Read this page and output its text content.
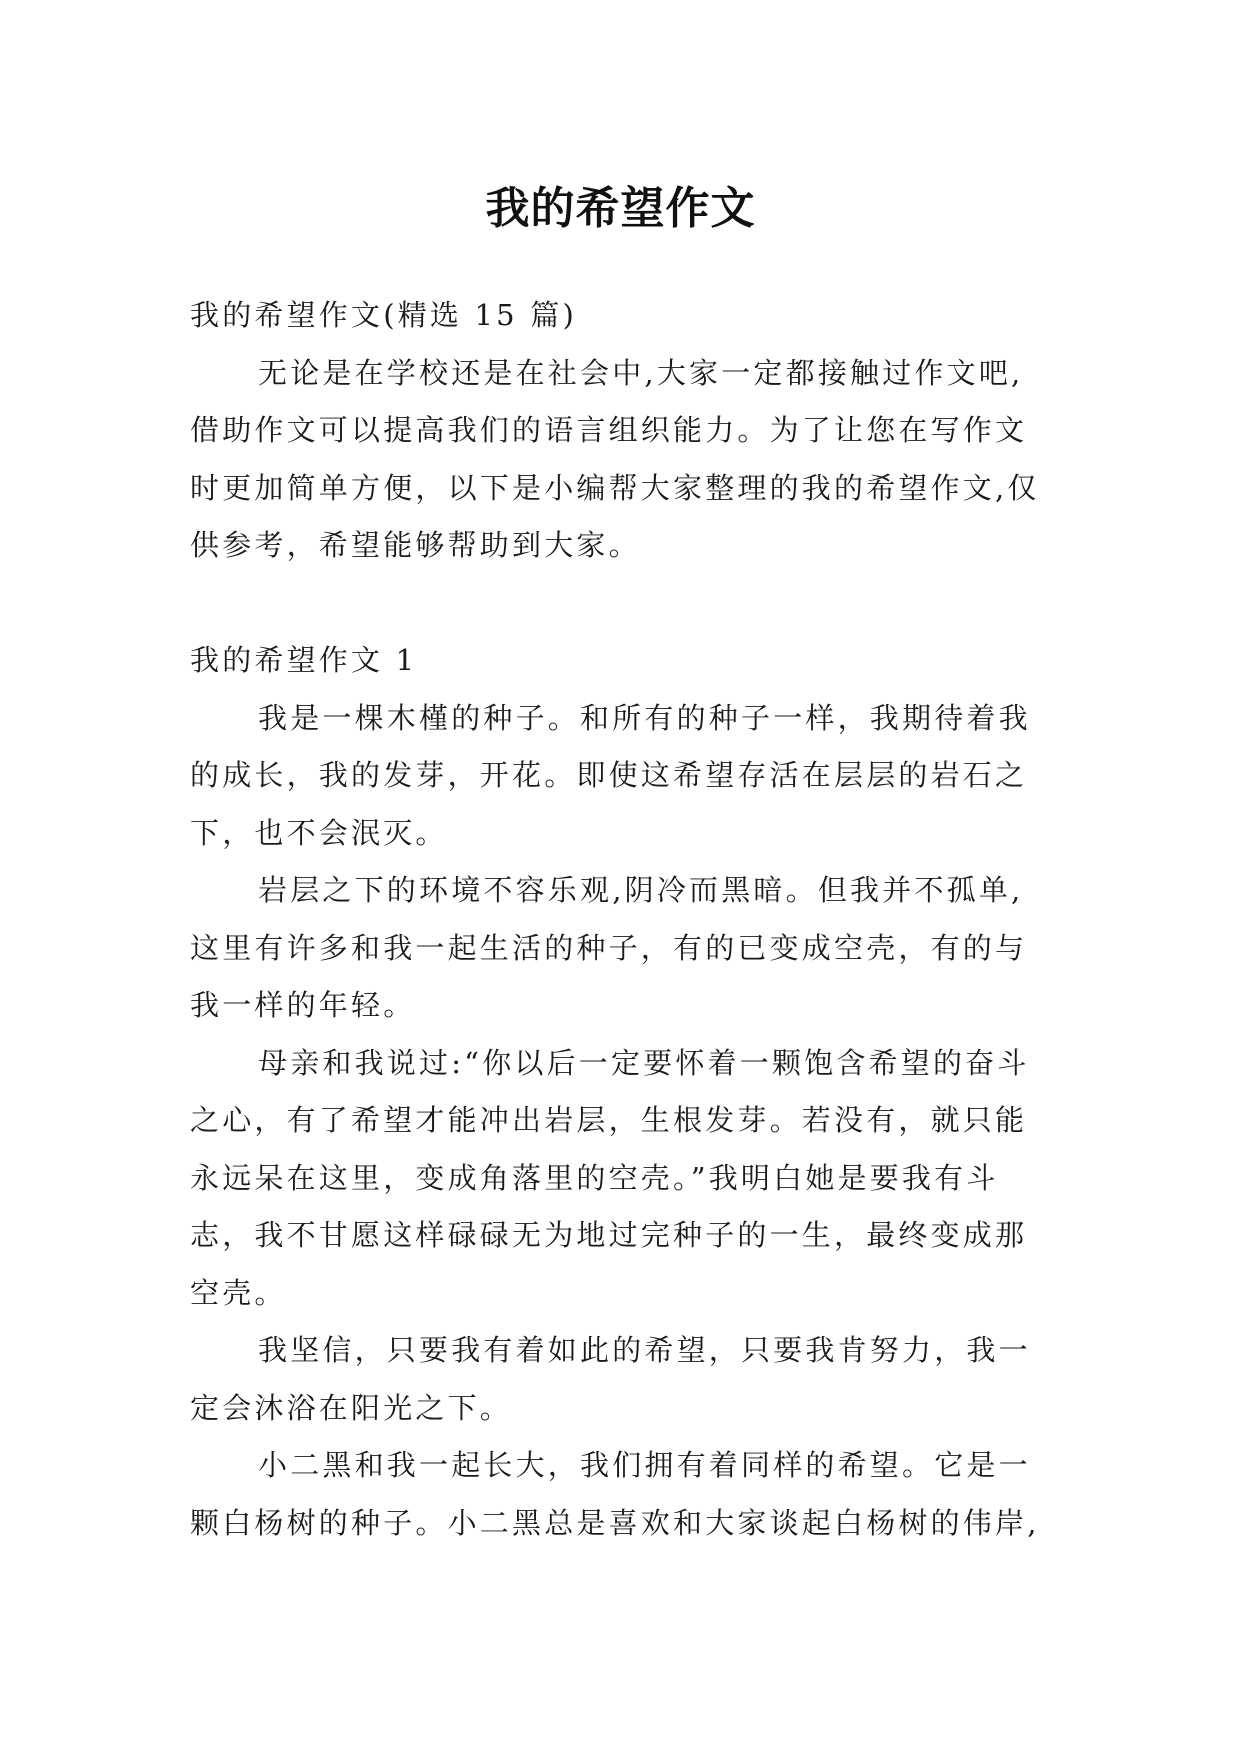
我的希望作文

我的希望作文(精选 15 篇)

无论是在学校还是在社会中,大家一定都接触过作文吧,借助作文可以提高我们的语言组织能力。为了让您在写作文时更加简单方便，以下是小编帮大家整理的我的希望作文,仅供参考，希望能够帮助到大家。

我的希望作文 1

我是一棵木槿的种子。和所有的种子一样，我期待着我的成长，我的发芽，开花。即使这希望存活在层层的岩石之下，也不会泯灭。

岩层之下的环境不容乐观,阴冷而黑暗。但我并不孤单,这里有许多和我一起生活的种子，有的已变成空壳，有的与我一样的年轻。

母亲和我说过:“你以后一定要怀着一颗饱含希望的奋斗之心，有了希望才能冲出岩层，生根发芽。若没有，就只能永远呆在这里，变成角落里的空壳。”我明白她是要我有斗志，我不甘愿这样碌碌无为地过完种子的一生，最终变成那空壳。

我坚信，只要我有着如此的希望，只要我肯努力，我一定会沐浴在阳光之下。

小二黑和我一起长大，我们拥有着同样的希望。它是一颗白杨树的种子。小二黑总是喜欢和大家谈起白杨树的伟岸,
